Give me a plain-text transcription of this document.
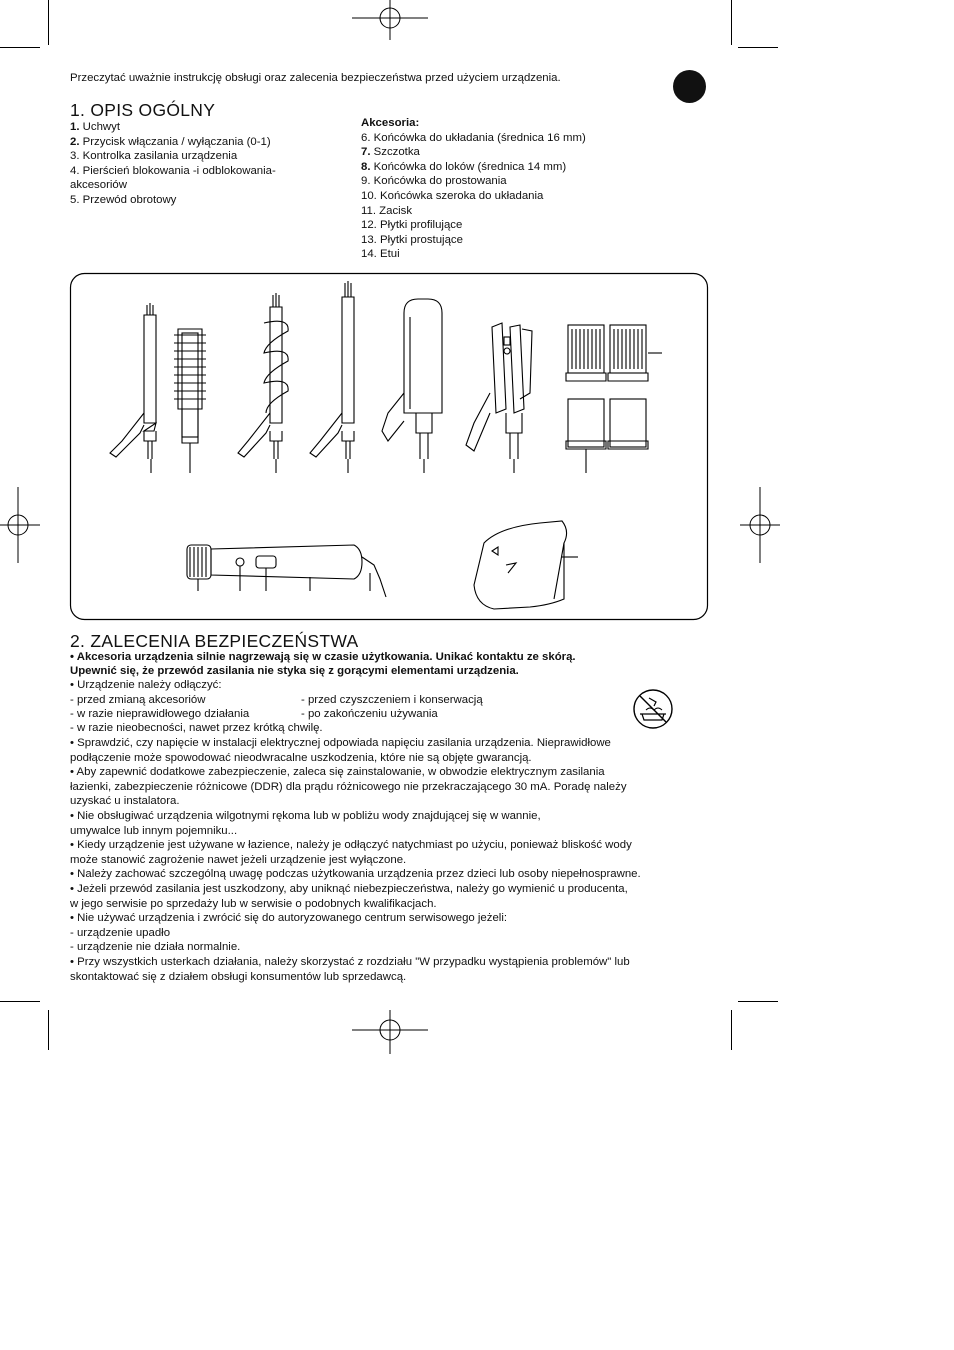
Przeczytać uważnie instrukcję obsługi oraz zalecenia bezpieczeństwa przed użyciem urządzenia.
1. OPIS OGÓLNY
1. Uchwyt
2. Przycisk włączania / wyłączania (0-1)
3. Kontrolka zasilania urządzenia
4. Pierścień blokowania -i odblokowania-
akcesoriów
5. Przewód obrotowy
Akcesoria:
6. Końcówka do układania (średnica 16 mm)
7. Szczotka
8. Końcówka do loków (średnica 14 mm)
9. Końcówka do prostowania
10. Końcówka szeroka do układania
11. Zacisk
12. Płytki profilujące
13. Płytki prostujące
14. Etui
2. ZALECENIA BEZPIECZEŃSTWA
• Akcesoria urządzenia silnie nagrzewają się w czasie użytkowania. Unikać kontaktu ze skórą.
Upewnić się, że przewód zasilania nie styka się z gorącymi elementami urządzenia.
• Urządzenie należy odłączyć:
- przed zmianą akcesoriów
- w razie nieprawidłowego działania
- przed czyszczeniem i konserwacją
- po zakończeniu używania
- w razie nieobecności, nawet przez krótką chwilę.
• Sprawdzić, czy napięcie w instalacji elektrycznej odpowiada napięciu zasilania urządzenia. Nieprawidłowe
podłączenie może spowodować nieodwracalne uszkodzenia, które nie są objęte gwarancją.
• Aby zapewnić dodatkowe zabezpieczenie, zaleca się zainstalowanie, w obwodzie elektrycznym zasilania
łazienki, zabezpieczenie różnicowe (DDR) dla prądu różnicowego nie przekraczającego 30 mA. Poradę należy
uzyskać u instalatora.
• Nie obsługiwać urządzenia wilgotnymi rękoma lub w pobliżu wody znajdującej się w wannie,
umywalce lub innym pojemniku...
• Kiedy urządzenie jest używane w łazience, należy je odłączyć natychmiast po użyciu, ponieważ bliskość wody
może stanowić zagrożenie nawet jeżeli urządzenie jest wyłączone.
• Należy zachować szczególną uwagę podczas użytkowania urządzenia przez dzieci lub osoby niepełnosprawne.
• Jeżeli przewód zasilania jest uszkodzony, aby uniknąć niebezpieczeństwa, należy go wymienić u producenta,
w jego serwisie po sprzedaży lub w serwisie o podobnych kwalifikacjach.
• Nie używać urządzenia i zwrócić się do autoryzowanego centrum serwisowego jeżeli:
- urządzenie upadło
- urządzenie nie działa normalnie.
• Przy wszystkich usterkach działania, należy skorzystać z rozdziału "W przypadku wystąpienia problemów" lub
skontaktować się z działem obsługi konsumentów lub sprzedawcą.
